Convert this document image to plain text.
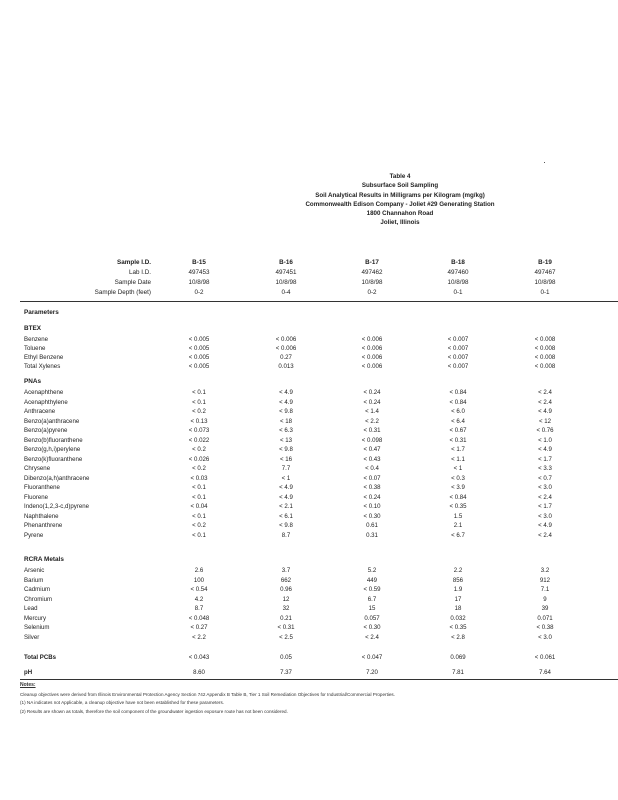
Table 4
Subsurface Soil Sampling
Soil Analytical Results in Milligrams per Kilogram (mg/kg)
Commonwealth Edison Company - Joliet #29 Generating Station
1800 Channahon Road
Joliet, Illinois
Sample I.D.	B-15	B-16	B-17	B-18	B-19
Lab I.D.	497453	497451	497462	497460	497467
Sample Date	10/8/98	10/8/98	10/8/98	10/8/98	10/8/98
Sample Depth (feet)	0-2	0-4	0-2	0-1	0-1
Parameters
BTEX
Benzene	< 0.005	< 0.006	< 0.006	< 0.007	< 0.008
Toluene	< 0.005	< 0.006	< 0.006	< 0.007	< 0.008
Ethyl Benzene	< 0.005	0.27	< 0.006	< 0.007	< 0.008
Total Xylenes	< 0.005	0.013	< 0.006	< 0.007	< 0.008
PNAs
Acenaphthene	< 0.1	< 4.9	< 0.24	< 0.84	< 2.4
Acenaphthylene	< 0.1	< 4.9	< 0.24	< 0.84	< 2.4
Anthracene	< 0.2	< 9.8	< 1.4	< 6.0	< 4.9
Benzo(a)anthracene	< 0.13	< 18	< 2.2	< 6.4	< 12
Benzo(a)pyrene	< 0.073	< 6.3	< 0.31	< 0.67	< 0.76
Benzo(b)fluoranthene	< 0.022	< 13	< 0.098	< 0.31	< 1.0
Benzo(g,h,i)perylene	< 0.2	< 9.8	< 0.47	< 1.7	< 4.9
Benzo(k)fluoranthene	< 0.026	< 16	< 0.43	< 1.1	< 1.7
Chrysene	< 0.2	7.7	< 0.4	< 1	< 3.3
Dibenzo(a,h)anthracene	< 0.03	< 1	< 0.07	< 0.3	< 0.7
Fluoranthene	< 0.1	< 4.9	< 0.38	< 3.9	< 3.0
Fluorene	< 0.1	< 4.9	< 0.24	< 0.84	< 2.4
Indeno(1,2,3-c,d)pyrene	< 0.04	< 2.1	< 0.10	< 0.35	< 1.7
Naphthalene	< 0.1	< 6.1	< 0.30	1.5	< 3.0
Phenanthrene	< 0.2	< 9.8	0.61	2.1	< 4.9
Pyrene	< 0.1	8.7	0.31	< 6.7	< 2.4
RCRA Metals
Arsenic	2.6	3.7	5.2	2.2	3.2
Barium	100	662	449	856	912
Cadmium	< 0.54	0.96	< 0.59	1.9	7.1
Chromium	4.2	12	6.7	17	9
Lead	8.7	32	15	18	39
Mercury	< 0.048	0.21	0.057	0.032	0.071
Selenium	< 0.27	< 0.31	< 0.30	< 0.35	< 0.38
Silver	< 2.2	< 2.5	< 2.4	< 2.8	< 3.0
Total PCBs	< 0.043	0.05	< 0.047	0.069	< 0.061
pH	8.60	7.37	7.20	7.81	7.64
Notes:
Cleanup objectives were derived from Illinois Environmental Protection Agency Section 742 Appendix B Table B, Tier 1 Soil Remediation Objectives for Industrial/Commercial Properties.
(1) NA indicates not Applicable, a cleanup objective have not been established for these parameters.
(2) Results are shown as totals, therefore the soil component of the groundwater ingestion exposure route has not been considered.
